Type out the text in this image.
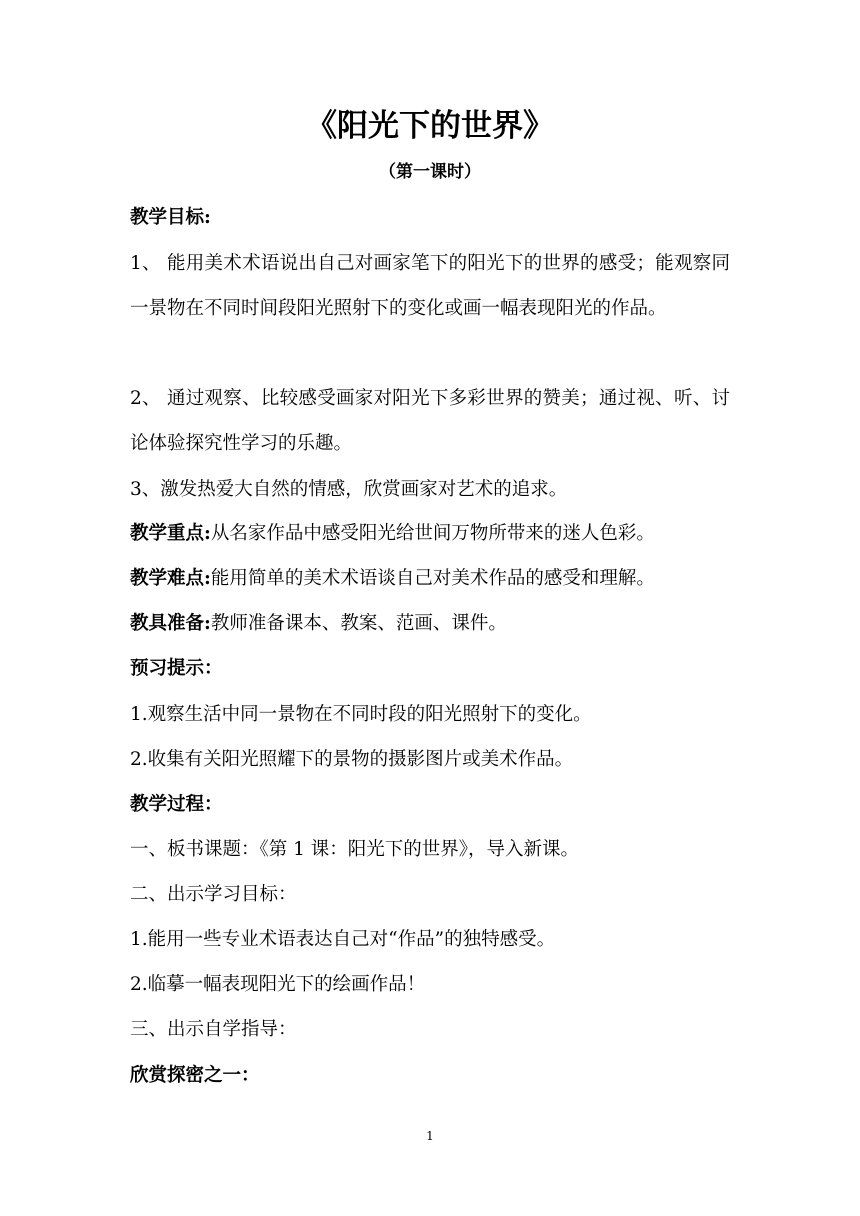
《阳光下的世界》
（第一课时）
教学目标:
1、 能用美术术语说出自己对画家笔下的阳光下的世界的感受；能观察同一景物在不同时间段阳光照射下的变化或画一幅表现阳光的作品。
2、 通过观察、比较感受画家对阳光下多彩世界的赞美；通过视、听、讨论体验探究性学习的乐趣。
3、激发热爱大自然的情感，欣赏画家对艺术的追求。
教学重点:从名家作品中感受阳光给世间万物所带来的迷人色彩。
教学难点:能用简单的美术术语谈自己对美术作品的感受和理解。
教具准备:教师准备课本、教案、范画、课件。
预习提示：
1.观察生活中同一景物在不同时段的阳光照射下的变化。
2.收集有关阳光照耀下的景物的摄影图片或美术作品。
教学过程：
一、板书课题：《第 1 课：阳光下的世界》，导入新课。
二、出示学习目标：
1.能用一些专业术语表达自己对“作品”的独特感受。
2.临摹一幅表现阳光下的绘画作品！
三、出示自学指导：
欣赏探密之一：
1
